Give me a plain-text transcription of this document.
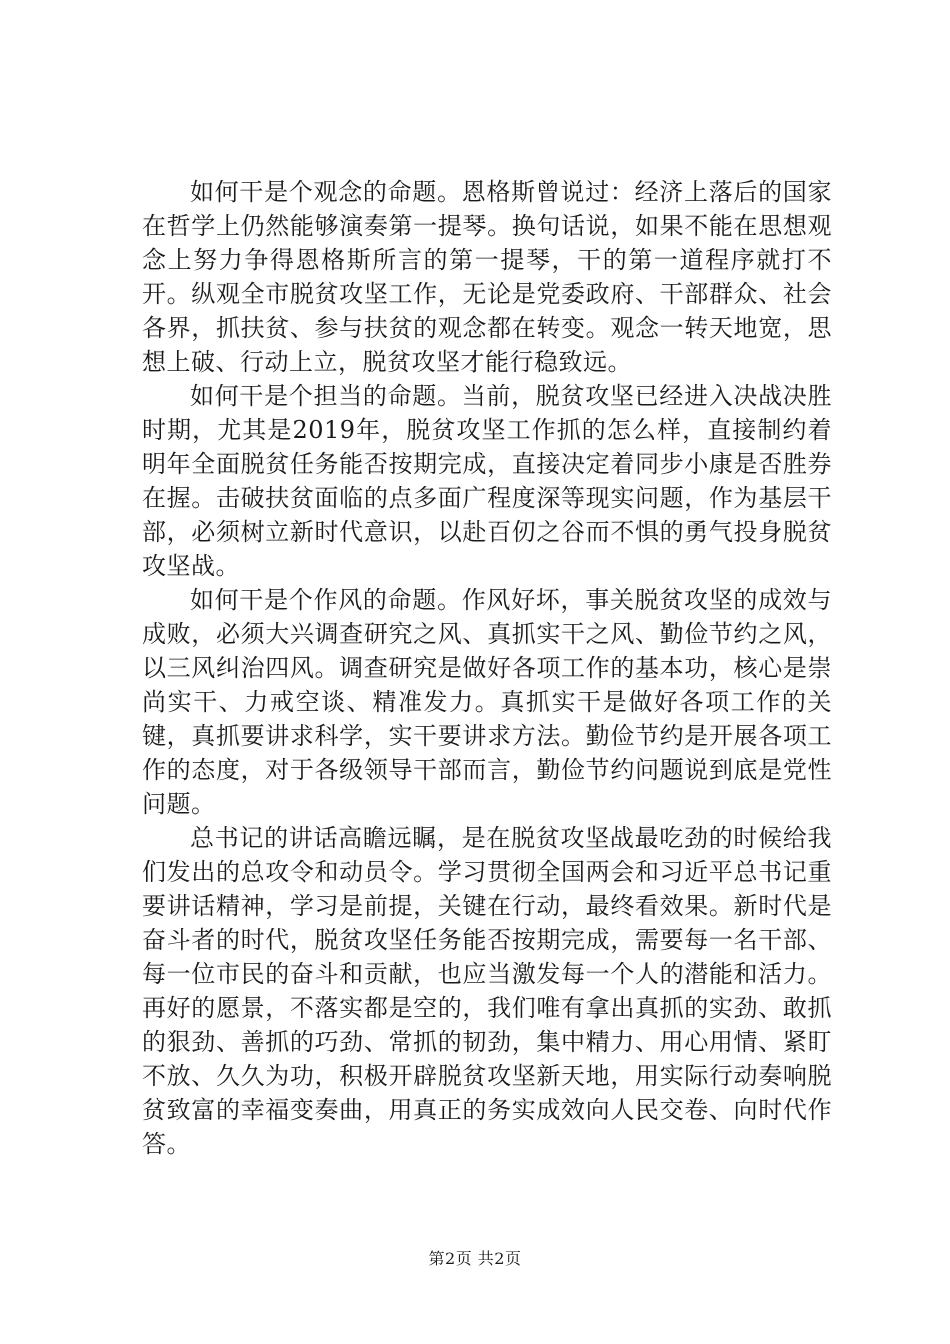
如何干是个观念的命题。恩格斯曾说过：经济上落后的国家在哲学上仍然能够演奏第一提琴。换句话说，如果不能在思想观念上努力争得恩格斯所言的第一提琴，干的第一道程序就打不开。纵观全市脱贫攻坚工作，无论是党委政府、干部群众、社会各界，抓扶贫、参与扶贫的观念都在转变。观念一转天地宽，思想上破、行动上立，脱贫攻坚才能行稳致远。

如何干是个担当的命题。当前，脱贫攻坚已经进入决战决胜时期，尤其是2019年，脱贫攻坚工作抓的怎么样，直接制约着明年全面脱贫任务能否按期完成，直接决定着同步小康是否胜券在握。击破扶贫面临的点多面广程度深等现实问题，作为基层干部，必须树立新时代意识，以赴百仞之谷而不惧的勇气投身脱贫攻坚战。

如何干是个作风的命题。作风好坏，事关脱贫攻坚的成效与成败，必须大兴调查研究之风、真抓实干之风、勤俭节约之风，以三风纠治四风。调查研究是做好各项工作的基本功，核心是崇尚实干、力戒空谈、精准发力。真抓实干是做好各项工作的关键，真抓要讲求科学，实干要讲求方法。勤俭节约是开展各项工作的态度，对于各级领导干部而言，勤俭节约问题说到底是党性问题。

总书记的讲话高瞻远瞩，是在脱贫攻坚战最吃劲的时候给我们发出的总攻令和动员令。学习贯彻全国两会和习近平总书记重要讲话精神，学习是前提，关键在行动，最终看效果。新时代是奋斗者的时代，脱贫攻坚任务能否按期完成，需要每一名干部、每一位市民的奋斗和贡献，也应当激发每一个人的潜能和活力。再好的愿景，不落实都是空的，我们唯有拿出真抓的实劲、敢抓的狠劲、善抓的巧劲、常抓的韧劲，集中精力、用心用情、紧盯不放、久久为功，积极开辟脱贫攻坚新天地，用实际行动奏响脱贫致富的幸福变奏曲，用真正的务实成效向人民交卷、向时代作答。

第2页 共2页
